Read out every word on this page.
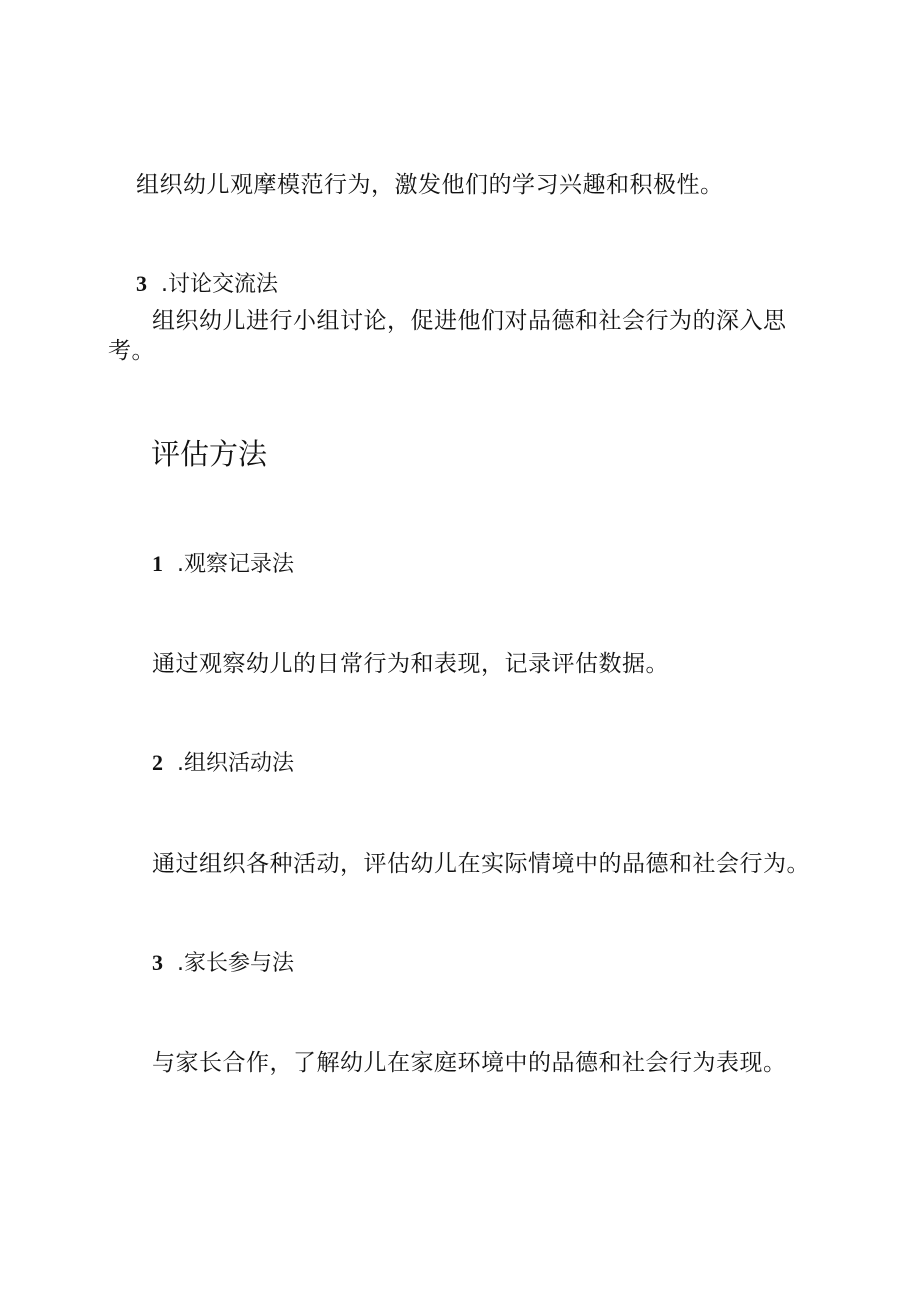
组织幼儿观摩模范行为，激发他们的学习兴趣和积极性。
3 .讨论交流法
组织幼儿进行小组讨论，促进他们对品德和社会行为的深入思
考。
评估方法
1 .观察记录法
通过观察幼儿的日常行为和表现，记录评估数据。
2 .组织活动法
通过组织各种活动，评估幼儿在实际情境中的品德和社会行为。
3 .家长参与法
与家长合作，了解幼儿在家庭环境中的品德和社会行为表现。
